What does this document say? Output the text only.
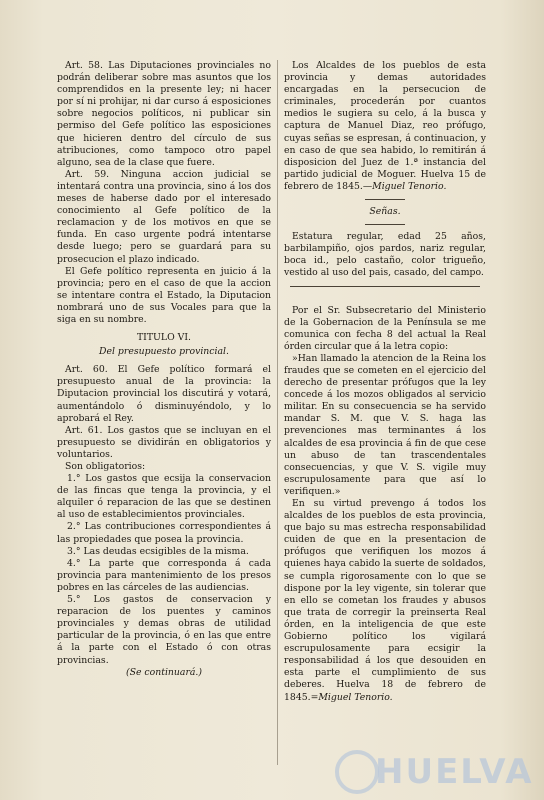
Art. 58. Las Diputaciones provinciales no podrán deliberar sobre mas asuntos que los comprendidos en la presente ley; ni hacer por sí ni prohijar, ni dar curso á esposiciones sobre negocios políticos, ni publicar sin permiso del Gefe político las esposiciones que hicieren dentro del círculo de sus atribuciones, como tampoco otro papel alguno, sea de la clase que fuere.

Art. 59. Ninguna accion judicial se intentará contra una provincia, sino á los dos meses de haberse dado por el interesado conocimiento al Gefe político de la reclamacion y de los motivos en que se funda. En caso urgente podrá intentarse desde luego; pero se guardará para su prosecucion el plazo indicado.

El Gefe político representa en juicio á la provincia; pero en el caso de que la accion se intentare contra el Estado, la Diputacion nombrará uno de sus Vocales para que la siga en su nombre.

TITULO VI.

Del presupuesto provincial.

Art. 60. El Gefe político formará el presupuesto anual de la provincia: la Diputacion provincial los discutirá y votará, aumentándolo ó disminuyéndolo, y lo aprobará el Rey.

Art. 61. Los gastos que se incluyan en el presupuesto se dividirán en obligatorios y voluntarios.

Son obligatorios:

1.° Los gastos que ecsija la conservacion de las fincas que tenga la provincia, y el alquiler ó reparacion de las que se destinen al uso de establecimientos provinciales.

2.° Las contribuciones correspondientes á las propiedades que posea la provincia.

3.° Las deudas ecsigibles de la misma.

4.° La parte que corresponda á cada provincia para mantenimiento de los presos pobres en las cárceles de las audiencias.

5.° Los gastos de conservacion y reparacion de los puentes y caminos provinciales y demas obras de utilidad particular de la provincia, ó en las que entre á la parte con el Estado ó con otras provincias.

(Se continuará.)

Los Alcaldes de los pueblos de esta provincia y demas autoridades encargadas en la persecucion de criminales, procederán por cuantos medios le sugiera su celo, á la busca y captura de Manuel Diaz, reo prófugo, cuyas señas se espresan, á continuacion, y en caso de que sea habido, lo remitirán á disposicion del Juez de 1.ª instancia del partido judicial de Moguer. Huelva 15 de febrero de 1845.—Miguel Tenorio.

Señas.

Estatura regular, edad 25 años, barbilampiño, ojos pardos, nariz regular, boca id., pelo castaño, color trigueño, vestido al uso del pais, casado, del campo.

Por el Sr. Subsecretario del Ministerio de la Gobernacion de la Península se me comunica con fecha 8 del actual la Real órden circular que á la letra copio:

»Han llamado la atencion de la Reina los fraudes que se cometen en el ejercicio del derecho de presentar prófugos que la ley concede á los mozos obligados al servicio militar. En su consecuencia se ha servido mandar S. M. que V. S. haga las prevenciones mas terminantes á los alcaldes de esa provincia á fin de que cese un abuso de tan trascendentales consecuencias, y que V. S. vigile muy escrupulosamente para que así lo verifiquen.»

En su virtud prevengo á todos los alcaldes de los pueblos de esta provincia, que bajo su mas estrecha responsabilidad cuiden de que en la presentacion de prófugos que verifiquen los mozos á quienes haya cabido la suerte de soldados, se cumpla rigorosamente con lo que se dispone por la ley vigente, sin tolerar que en ello se cometan los fraudes y abusos que trata de corregir la preinserta Real órden, en la inteligencia de que este Gobierno político los vigilará escrupulosamente para ecsigir la responsabilidad á los que desouiden en esta parte el cumplimiento de sus deberes. Huelva 18 de febrero de 1845.=Miguel Tenorio.

HUELVA
